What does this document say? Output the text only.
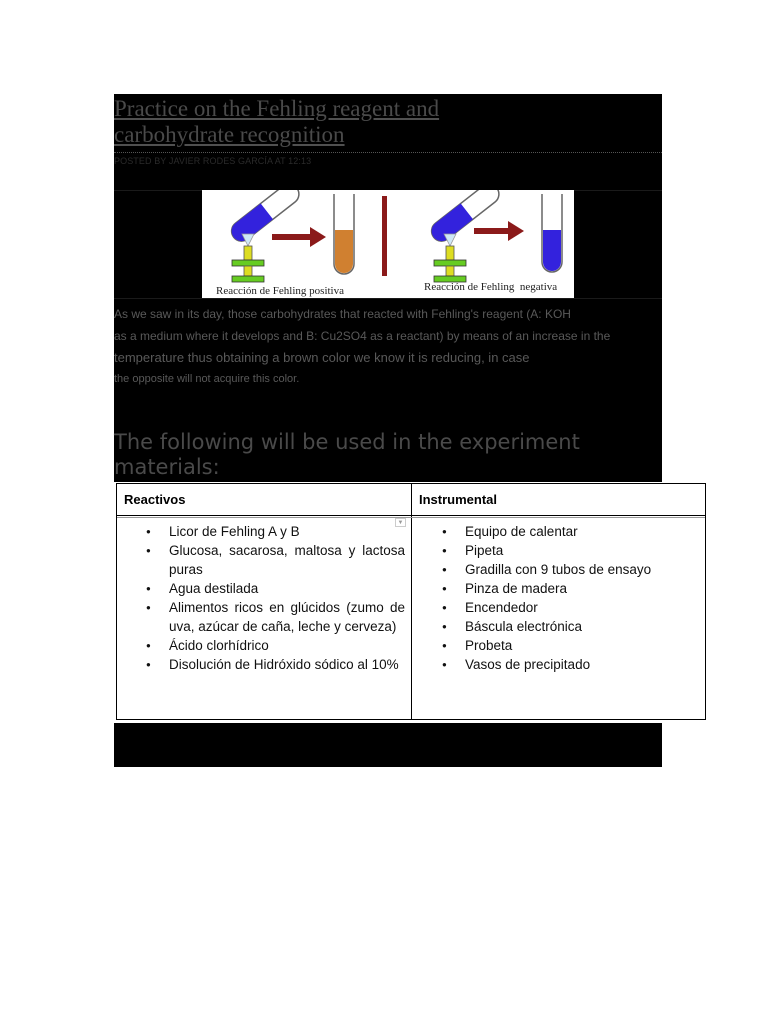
Practice on the Fehling reagent and carbohydrate recognition
POSTED BY JAVIER RODES GARCÍA AT 12:13
Reacción de Fehling positiva	Reacción de Fehling  negativa
As we saw in its day, those carbohydrates that reacted with Fehling's reagent (A: KOH
as a medium where it develops and B: Cu2SO4 as a reactant) by means of an increase in the
temperature thus obtaining a brown color we know it is reducing, in case
the opposite will not acquire this color.
The following will be used in the experiment materials:
Reactivos	Instrumental
▼
● Licor de Fehling A y B
● Glucosa, sacarosa, maltosa y lactosa puras
● Agua destilada
● Alimentos ricos en glúcidos (zumo de uva, azúcar de caña, leche y cerveza)
● Ácido clorhídrico
● Disolución de Hidróxido sódico al 10%
● Equipo de calentar
● Pipeta
● Gradilla con 9 tubos de ensayo
● Pinza de madera
● Encendedor
● Báscula electrónica
● Probeta
● Vasos de precipitado
